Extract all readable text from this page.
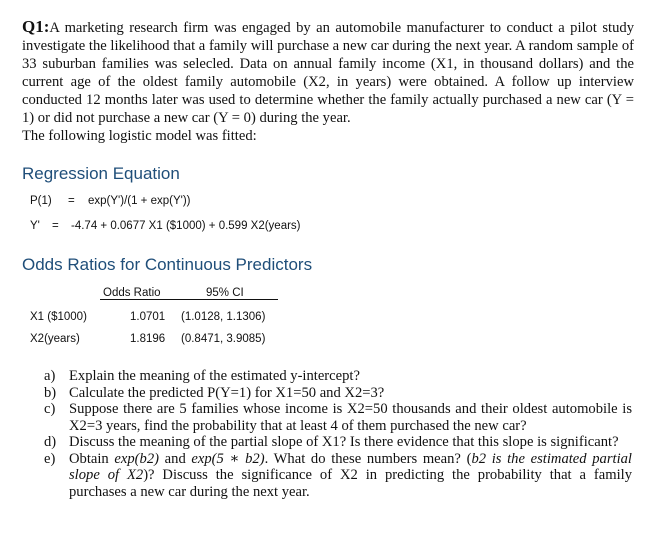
Q1:A marketing research firm was engaged by an automobile manufacturer to conduct a pilot study investigate the likelihood that a family will purchase a new car during the next year. A random sample of 33 suburban families was selecled. Data on annual family income (X1, in thousand dollars) and the current age of the oldest family automobile (X2, in years) were obtained. A follow up interview conducted 12 months later was used to determine whether the family actually purchased a new car (Y = 1) or did not purchase a new car (Y = 0) during the year.
The following logistic model was fitted:
Regression Equation
P(1) = exp(Y')/(1 + exp(Y'))
Y' = -4.74 + 0.0677 X1 ($1000) + 0.599 X2(years)
Odds Ratios for Continuous Predictors
Odds Ratio	95% CI
X1 ($1000)	1.0701 (1.0128, 1.1306)
X2(years)	1.8196 (0.8471, 3.9085)
a) Explain the meaning of the estimated y-intercept?
b) Calculate the predicted P(Y=1) for X1=50 and X2=3?
c) Suppose there are 5 families whose income is X2=50 thousands and their oldest automobile is X2=3 years, find the probability that at least 4 of them purchased the new car?
d) Discuss the meaning of the partial slope of X1? Is there evidence that this slope is significant?
e) Obtain exp(b2) and exp(5 ∗ b2). What do these numbers mean? (b2 is the estimated partial slope of X2)? Discuss the significance of X2 in predicting the probability that a family purchases a new car during the next year.
